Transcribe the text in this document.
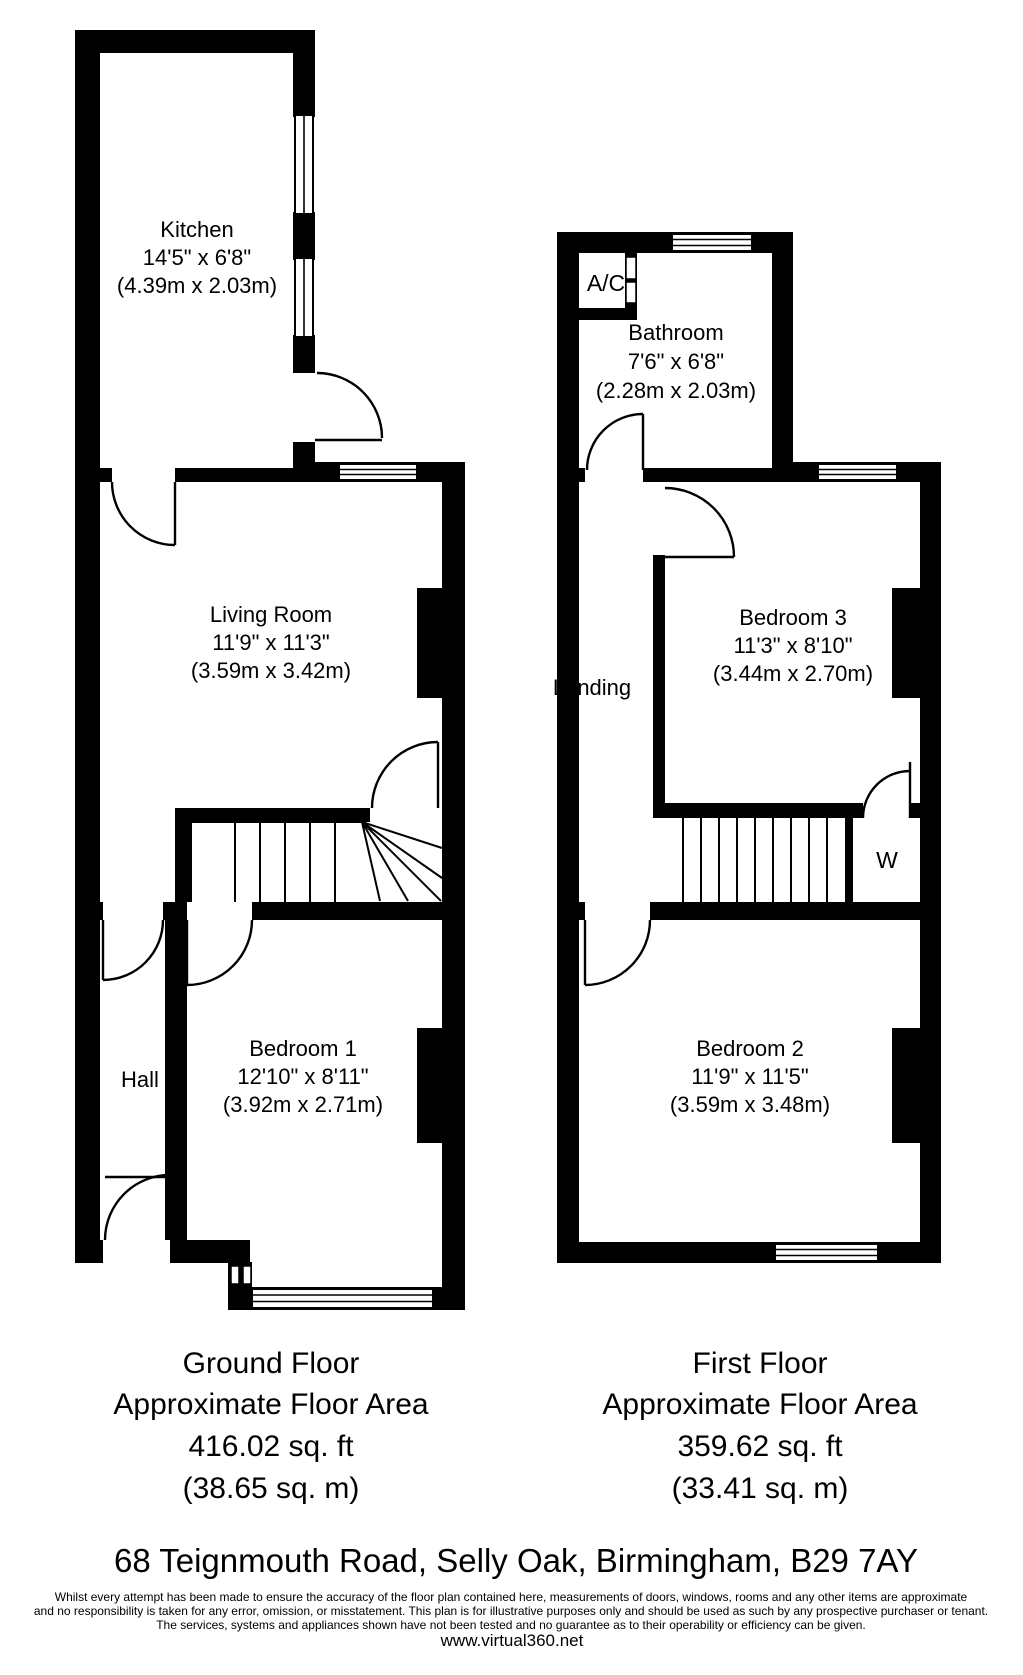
Kitchen
14'5" x 6'8"
(4.39m x 2.03m)
Living Room
11'9" x 11'3"
(3.59m x 3.42m)
Bedroom 1
12'10" x 8'11"
(3.92m x 2.71m)
Hall
Ground Floor
Approximate Floor Area
416.02 sq. ft
(38.65 sq. m)
A/C
Bathroom
7'6" x 6'8"
(2.28m x 2.03m)
Bedroom 3
11'3" x 8'10"
(3.44m x 2.70m)
Landing
W
Bedroom 2
11'9" x 11'5"
(3.59m x 3.48m)
First Floor
Approximate Floor Area
359.62 sq. ft
(33.41 sq. m)
68 Teignmouth Road, Selly Oak, Birmingham, B29 7AY
Whilst every attempt has been made to ensure the accuracy of the floor plan contained here, measurements of doors, windows, rooms and any other items are approximate
and no responsibility is taken for any error, omission, or misstatement. This plan is for illustrative purposes only and should be used as such by any prospective purchaser or tenant.
The services, systems and appliances shown have not been tested and no guarantee as to their operability or efficiency can be given.
www.virtual360.net
